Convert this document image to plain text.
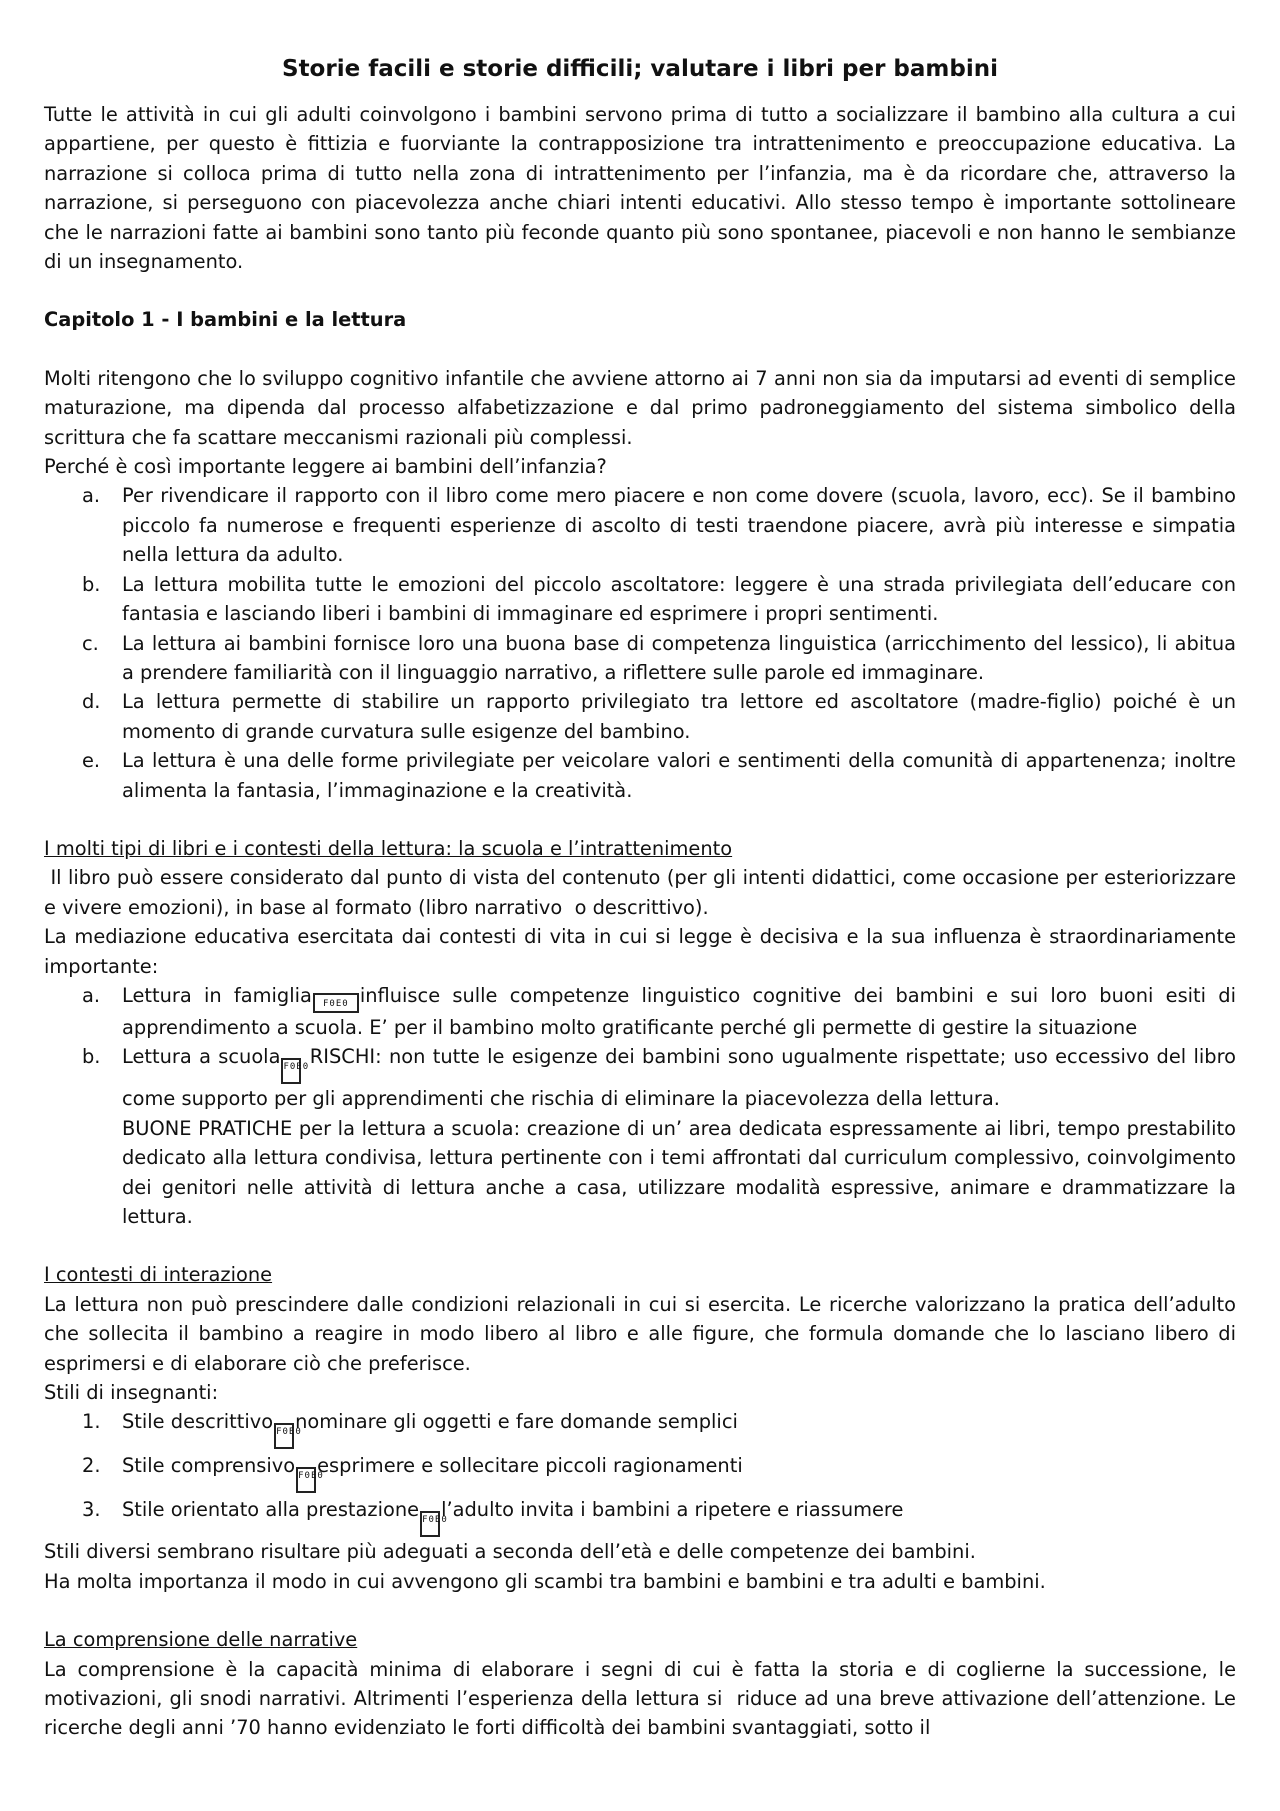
Storie facili e storie difficili; valutare i libri per bambini

Tutte le attività in cui gli adulti coinvolgono i bambini servono prima di tutto a socializzare il bambino alla cultura a cui appartiene, per questo è fittizia e fuorviante la contrapposizione tra intrattenimento e preoccupazione educativa. La narrazione si colloca prima di tutto nella zona di intrattenimento per l’infanzia, ma è da ricordare che, attraverso la narrazione, si perseguono con piacevolezza anche chiari intenti educativi. Allo stesso tempo è importante sottolineare che le narrazioni fatte ai bambini sono tanto più feconde quanto più sono spontanee, piacevoli e non hanno le sembianze di un insegnamento.

Capitolo 1 - I bambini e la lettura

Molti ritengono che lo sviluppo cognitivo infantile che avviene attorno ai 7 anni non sia da imputarsi ad eventi di semplice maturazione, ma dipenda dal processo alfabetizzazione e dal primo padroneggiamento del sistema simbolico della scrittura che fa scattare meccanismi razionali più complessi.

Perché è così importante leggere ai bambini dell’infanzia?

a. Per rivendicare il rapporto con il libro come mero piacere e non come dovere (scuola, lavoro, ecc). Se il bambino piccolo fa numerose e frequenti esperienze di ascolto di testi traendone piacere, avrà più interesse e simpatia nella lettura da adulto.
b. La lettura mobilita tutte le emozioni del piccolo ascoltatore: leggere è una strada privilegiata dell’educare con fantasia e lasciando liberi i bambini di immaginare ed esprimere i propri sentimenti.
c. La lettura ai bambini fornisce loro una buona base di competenza linguistica (arricchimento del lessico), li abitua a prendere familiarità con il linguaggio narrativo, a riflettere sulle parole ed immaginare.
d. La lettura permette di stabilire un rapporto privilegiato tra lettore ed ascoltatore (madre-figlio) poiché è un momento di grande curvatura sulle esigenze del bambino.
e. La lettura è una delle forme privilegiate per veicolare valori e sentimenti della comunità di appartenenza; inoltre alimenta la fantasia, l’immaginazione e la creatività.
I molti tipi di libri e i contesti della lettura: la scuola e l’intrattenimento

Il libro può essere considerato dal punto di vista del contenuto (per gli intenti didattici, come occasione per esteriorizzare e vivere emozioni), in base al formato (libro narrativo  o descrittivo).

La mediazione educativa esercitata dai contesti di vita in cui si legge è decisiva e la sua influenza è straordinariamente importante:

a. Lettura in famiglia F0E0 influisce sulle competenze linguistico cognitive dei bambini e sui loro buoni esiti di apprendimento a scuola. E’ per il bambino molto gratificante perché gli permette di gestire la situazione
b. Lettura a scuola F0E0 RISCHI: non tutte le esigenze dei bambini sono ugualmente rispettate; uso eccessivo del libro come supporto per gli apprendimenti che rischia di eliminare la piacevolezza della lettura.

BUONE PRATICHE per la lettura a scuola: creazione di un’ area dedicata espressamente ai libri, tempo prestabilito dedicato alla lettura condivisa, lettura pertinente con i temi affrontati dal curriculum complessivo, coinvolgimento dei genitori nelle attività di lettura anche a casa, utilizzare modalità espressive, animare e drammatizzare la lettura.

I contesti di interazione

La lettura non può prescindere dalle condizioni relazionali in cui si esercita. Le ricerche valorizzano la pratica dell’adulto che sollecita il bambino a reagire in modo libero al libro e alle figure, che formula domande che lo lasciano libero di esprimersi e di elaborare ciò che preferisce.

Stili di insegnanti:

1. Stile descrittivo F0E0nominare gli oggetti e fare domande semplici
2. Stile comprensivo F0E0esprimere e sollecitare piccoli ragionamenti
3. Stile orientato alla prestazione F0E0l’adulto invita i bambini a ripetere e riassumere

Stili diversi sembrano risultare più adeguati a seconda dell’età e delle competenze dei bambini.

Ha molta importanza il modo in cui avvengono gli scambi tra bambini e bambini e tra adulti e bambini.

La comprensione delle narrative

La comprensione è la capacità minima di elaborare i segni di cui è fatta la storia e di coglierne la successione, le motivazioni, gli snodi narrativi. Altrimenti l’esperienza della lettura si  riduce ad una breve attivazione dell’attenzione. Le ricerche degli anni ’70 hanno evidenziato le forti difficoltà dei bambini svantaggiati, sotto il
